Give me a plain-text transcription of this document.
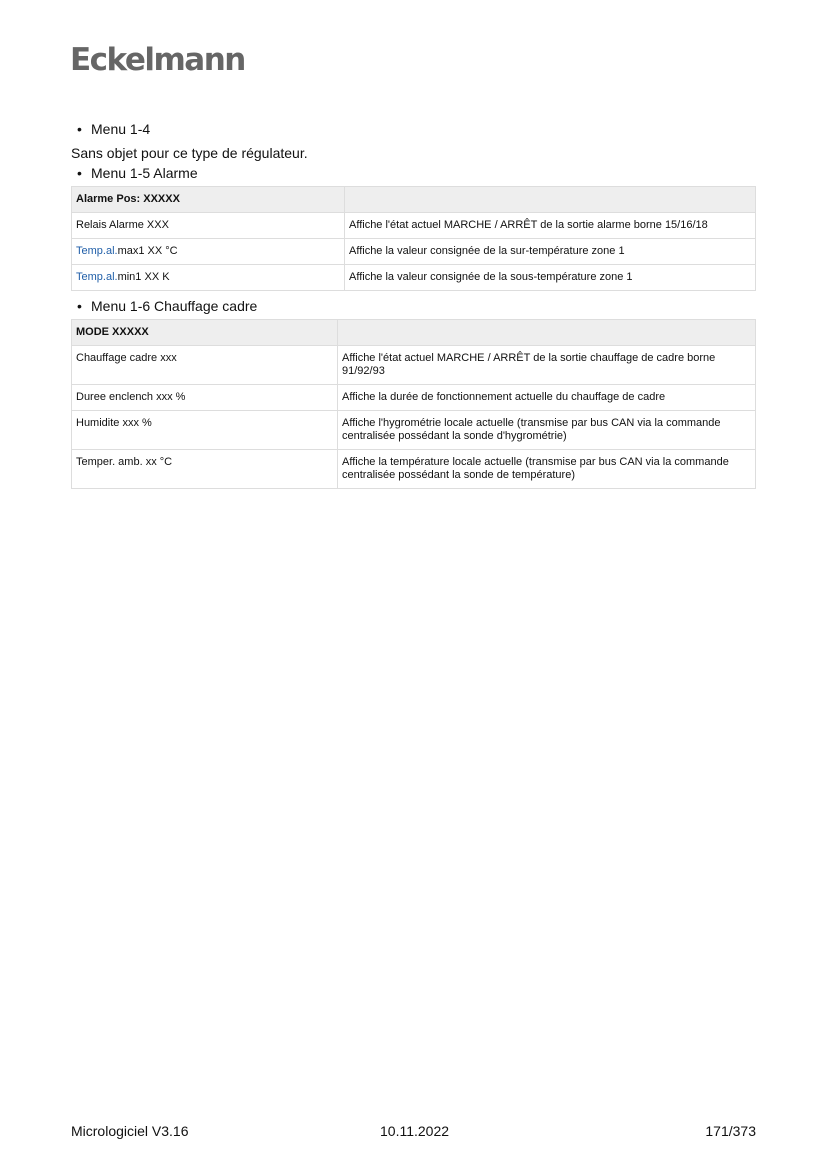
Eckelmann
• Menu 1-4
Sans objet pour ce type de régulateur.
• Menu 1-5 Alarme
Alarme Pos: XXXXX	
Relais Alarme XXX	Affiche l'état actuel MARCHE / ARRÊT de la sortie alarme borne 15/16/18
Temp.al.max1 XX °C	Affiche la valeur consignée de la sur-température zone 1
Temp.al.min1 XX K	Affiche la valeur consignée de la sous-température zone 1
• Menu 1-6 Chauffage cadre
MODE XXXXX	
Chauffage cadre xxx	Affiche l'état actuel MARCHE / ARRÊT de la sortie chauffage de cadre borne 91/92/93
Duree enclench xxx %	Affiche la durée de fonctionnement actuelle du chauffage de cadre
Humidite xxx %	Affiche l'hygrométrie locale actuelle (transmise par bus CAN via la commande centralisée possédant la sonde d'hygrométrie)
Temper. amb. xx °C	Affiche la température locale actuelle (transmise par bus CAN via la commande centralisée possédant la sonde de température)
Micrologiciel V3.16	10.11.2022	171/373
